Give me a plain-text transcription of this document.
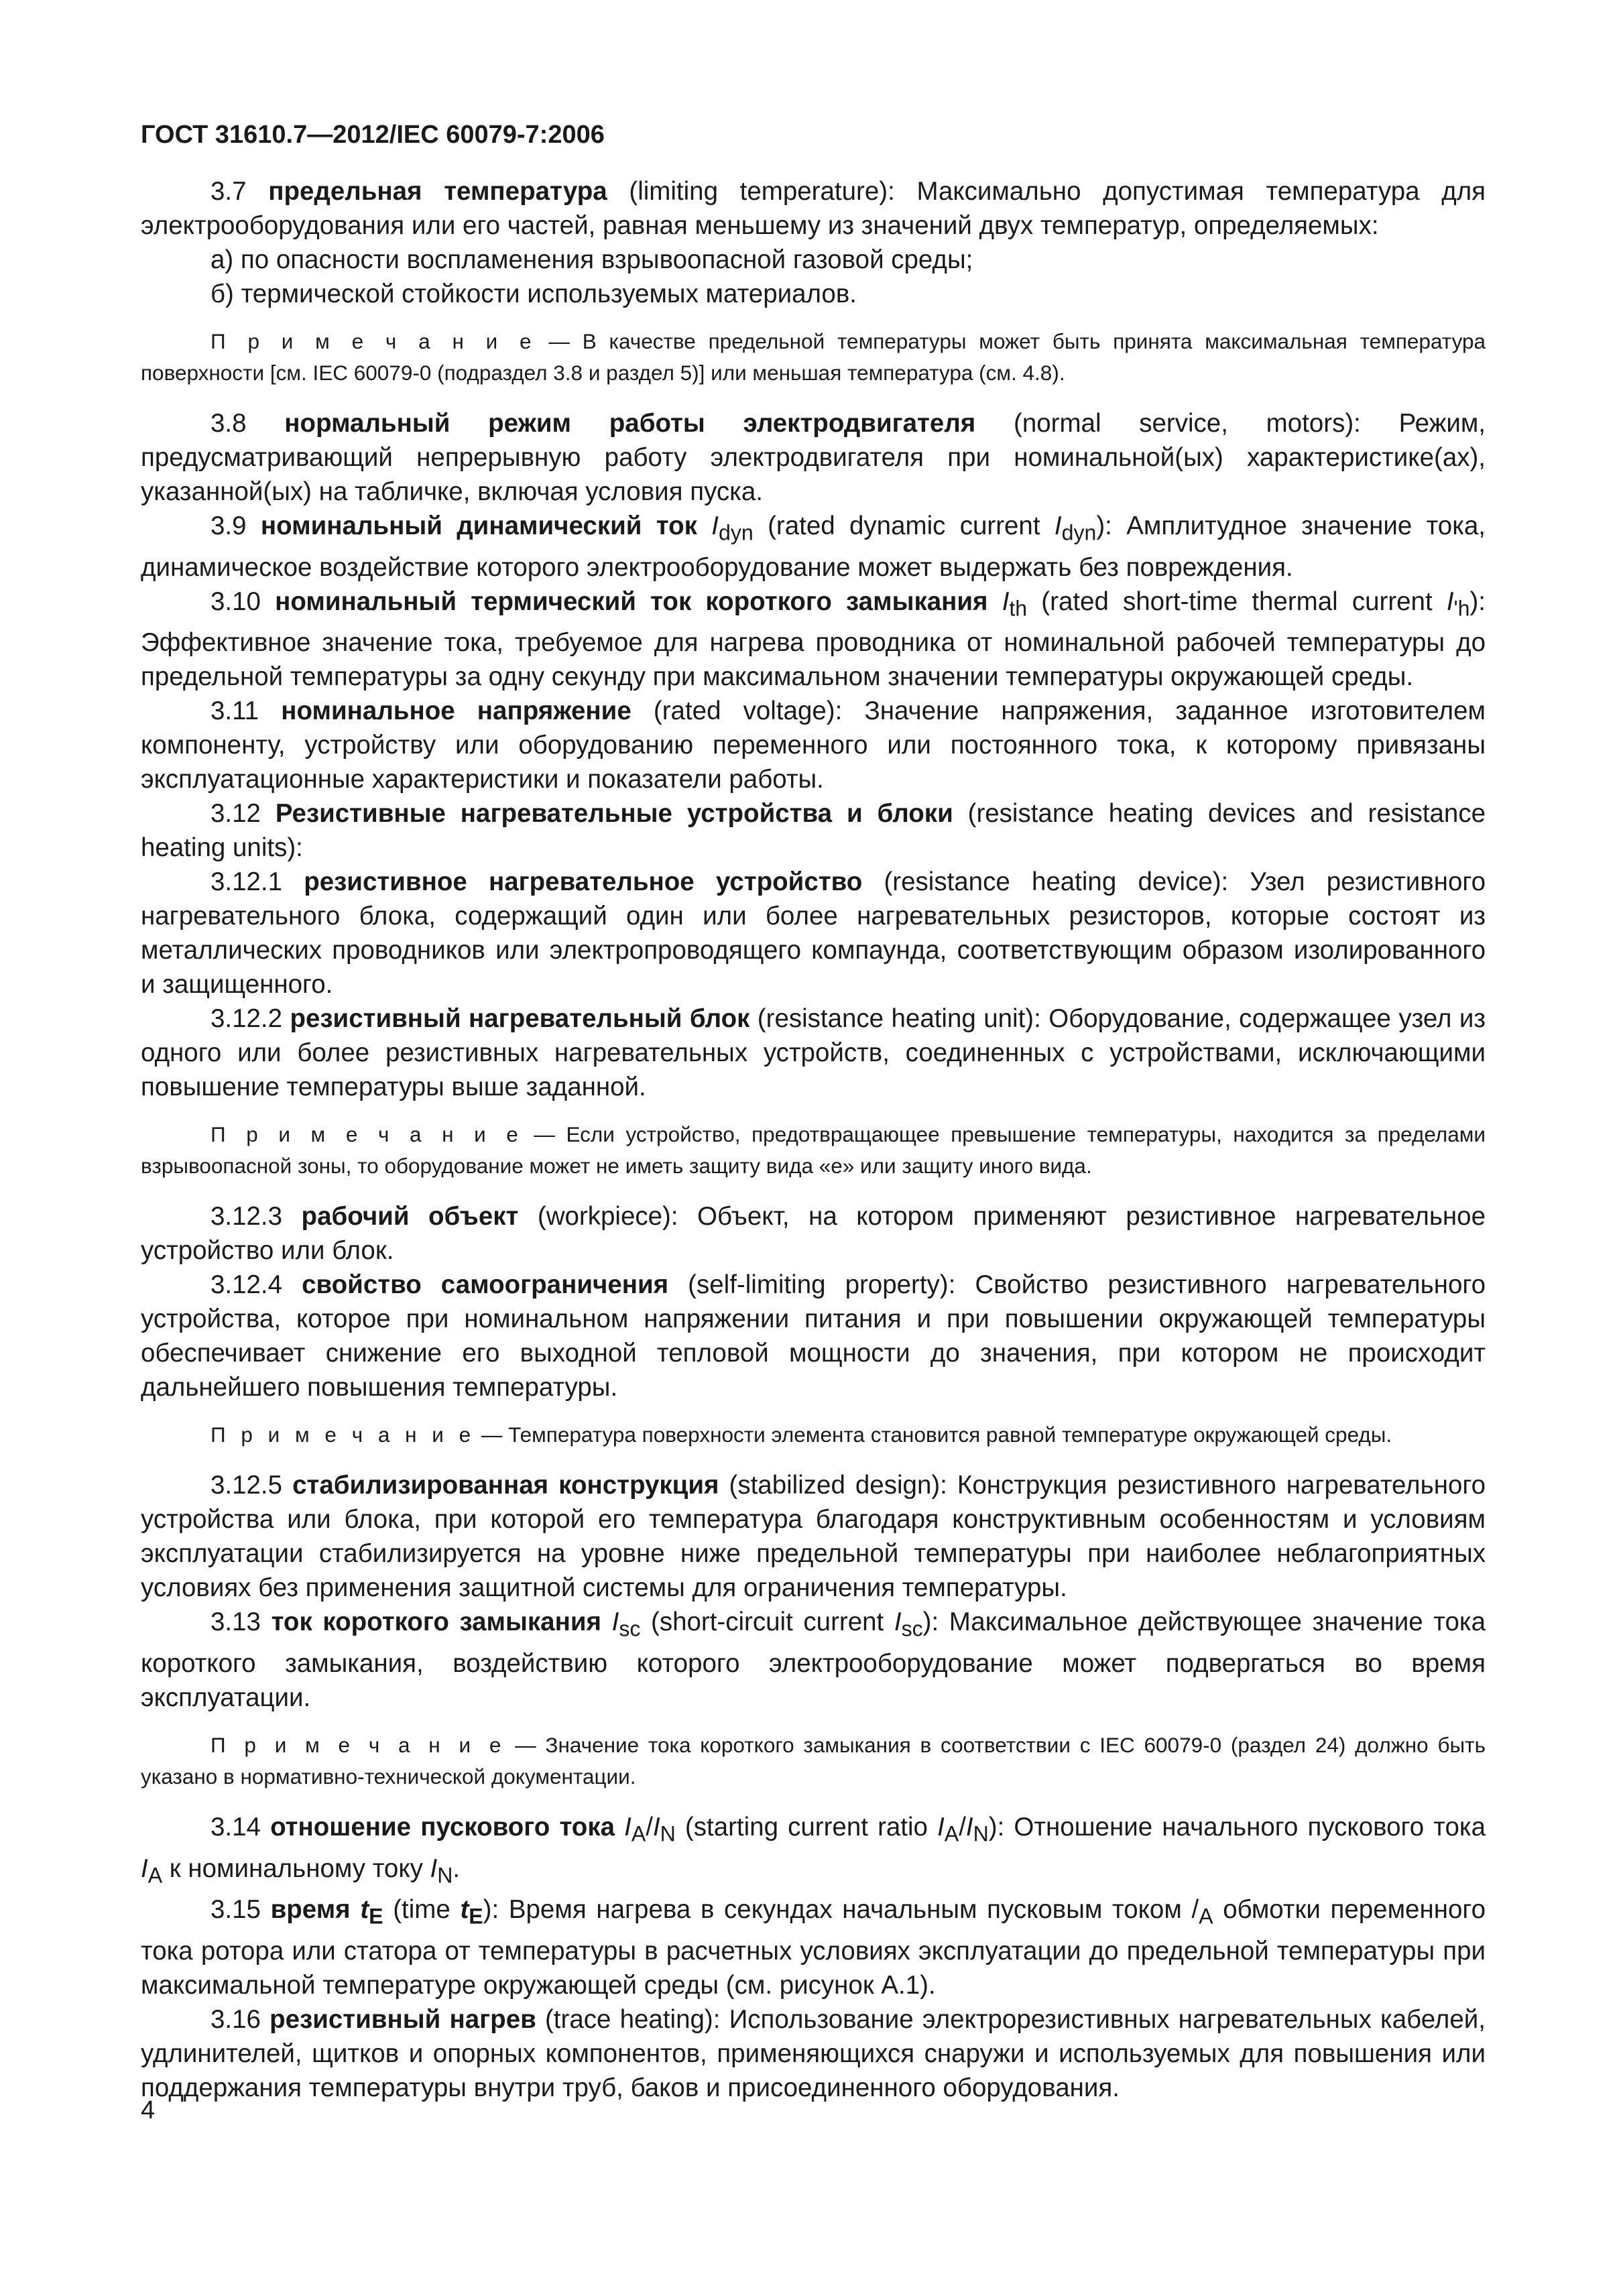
ГОСТ 31610.7—2012/IEC 60079-7:2006

3.7 предельная температура (limiting temperature): Максимально допустимая температура для электрооборудования или его частей, равная меньшему из значений двух температур, определяемых:

а) по опасности воспламенения взрывоопасной газовой среды;

б) термической стойкости используемых материалов.

П р и м е ч а н и е — В качестве предельной температуры может быть принята максимальная температура поверхности [см. IEC 60079-0 (подраздел 3.8 и раздел 5)] или меньшая температура (см. 4.8).

3.8 нормальный режим работы электродвигателя (normal service, motors): Режим, предусматривающий непрерывную работу электродвигателя при номинальной(ых) характеристике(ах), указанной(ых) на табличке, включая условия пуска.

3.9 номинальный динамический ток $I_{dyn}$ (rated dynamic current $I_{dyn}$): Амплитудное значение тока, динамическое воздействие которого электрооборудование может выдержать без повреждения.

3.10 номинальный термический ток короткого замыкания $I_{th}$ (rated short-time thermal current $I_{'h}$): Эффективное значение тока, требуемое для нагрева проводника от номинальной рабочей температуры до предельной температуры за одну секунду при максимальном значении температуры окружающей среды.

3.11 номинальное напряжение (rated voltage): Значение напряжения, заданное изготовителем компоненту, устройству или оборудованию переменного или постоянного тока, к которому привязаны эксплуатационные характеристики и показатели работы.

3.12 Резистивные нагревательные устройства и блоки (resistance heating devices and resistance heating units):

3.12.1 резистивное нагревательное устройство (resistance heating device): Узел резистивного нагревательного блока, содержащий один или более нагревательных резисторов, которые состоят из металлических проводников или электропроводящего компаунда, соответствующим образом изолированного и защищенного.

3.12.2 резистивный нагревательный блок (resistance heating unit): Оборудование, содержащее узел из одного или более резистивных нагревательных устройств, соединенных с устройствами, исключающими повышение температуры выше заданной.

П р и м е ч а н и е — Если устройство, предотвращающее превышение температуры, находится за пределами взрывоопасной зоны, то оборудование может не иметь защиту вида «е» или защиту иного вида.

3.12.3 рабочий объект (workpiece): Объект, на котором применяют резистивное нагревательное устройство или блок.

3.12.4 свойство самоограничения (self-limiting property): Свойство резистивного нагревательного устройства, которое при номинальном напряжении питания и при повышении окружающей температуры обеспечивает снижение его выходной тепловой мощности до значения, при котором не происходит дальнейшего повышения температуры.

П р и м е ч а н и е — Температура поверхности элемента становится равной температуре окружающей среды.

3.12.5 стабилизированная конструкция (stabilized design): Конструкция резистивного нагревательного устройства или блока, при которой его температура благодаря конструктивным особенностям и условиям эксплуатации стабилизируется на уровне ниже предельной температуры при наиболее неблагоприятных условиях без применения защитной системы для ограничения температуры.

3.13 ток короткого замыкания $I_{sc}$ (short-circuit current $I_{sc}$): Максимальное действующее значение тока короткого замыкания, воздействию которого электрооборудование может подвергаться во время эксплуатации.

П р и м е ч а н и е — Значение тока короткого замыкания в соответствии с IEC 60079-0 (раздел 24) должно быть указано в нормативно-технической документации.

3.14 отношение пускового тока $I_A/I_N$ (starting current ratio $I_A/I_N$): Отношение начального пускового тока $I_A$ к номинальному току $I_N$.

3.15 время $t_E$ (time $t_E$): Время нагрева в секундах начальным пусковым током $/_A$ обмотки переменного тока ротора или статора от температуры в расчетных условиях эксплуатации до предельной температуры при максимальной температуре окружающей среды (см. рисунок А.1).

3.16 резистивный нагрев (trace heating): Использование электрорезистивных нагревательных кабелей, удлинителей, щитков и опорных компонентов, применяющихся снаружи и используемых для повышения или поддержания температуры внутри труб, баков и присоединенного оборудования.

4
